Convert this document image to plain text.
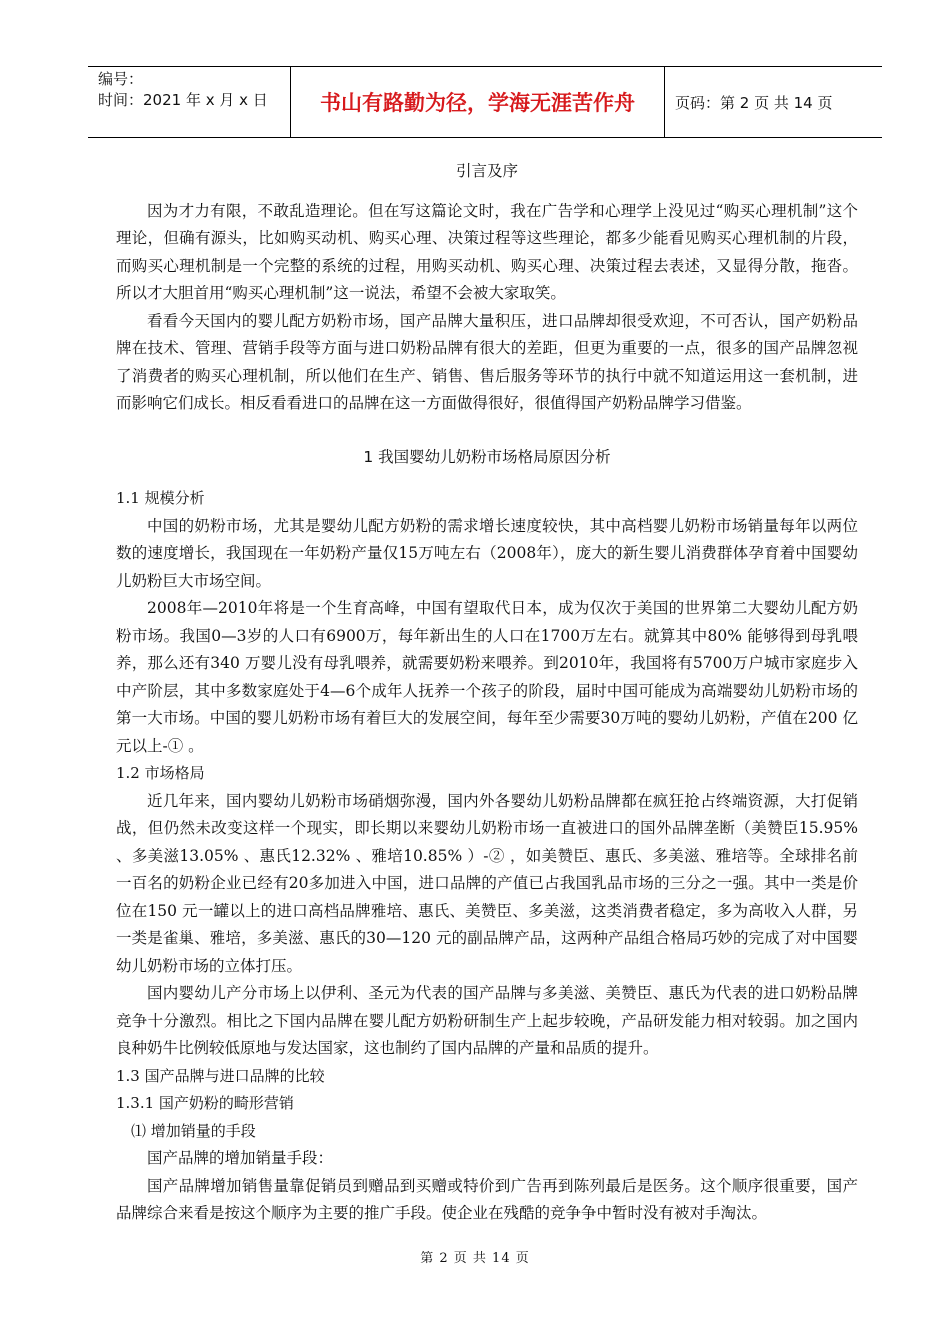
编号：
时间：2021 年 x 月 x 日	书山有路勤为径，学海无涯苦作舟	页码：第 2 页 共 14 页
引言及序

因为才力有限，不敢乱造理论。但在写这篇论文时，我在广告学和心理学上没见过“购买心理机制”这个理论，但确有源头，比如购买动机、购买心理、决策过程等这些理论，都多少能看见购买心理机制的片段，而购买心理机制是一个完整的系统的过程，用购买动机、购买心理、决策过程去表述，又显得分散，拖沓。所以才大胆首用“购买心理机制”这一说法，希望不会被大家取笑。

看看今天国内的婴儿配方奶粉市场，国产品牌大量积压，进口品牌却很受欢迎，不可否认，国产奶粉品牌在技术、管理、营销手段等方面与进口奶粉品牌有很大的差距，但更为重要的一点，很多的国产品牌忽视了消费者的购买心理机制，所以他们在生产、销售、售后服务等环节的执行中就不知道运用这一套机制，进而影响它们成长。相反看看进口的品牌在这一方面做得很好，很值得国产奶粉品牌学习借鉴。

1 我国婴幼儿奶粉市场格局原因分析
1.1 规模分析

中国的奶粉市场，尤其是婴幼儿配方奶粉的需求增长速度较快，其中高档婴儿奶粉市场销量每年以两位数的速度增长，我国现在一年奶粉产量仅15万吨左右（2008年），庞大的新生婴儿消费群体孕育着中国婴幼儿奶粉巨大市场空间。

2008年—2010年将是一个生育高峰，中国有望取代日本，成为仅次于美国的世界第二大婴幼儿配方奶粉市场。我国0—3岁的人口有6900万，每年新出生的人口在1700万左右。就算其中80% 能够得到母乳喂养，那么还有340 万婴儿没有母乳喂养，就需要奶粉来喂养。到2010年，我国将有5700万户城市家庭步入中产阶层，其中多数家庭处于4—6个成年人抚养一个孩子的阶段，届时中国可能成为高端婴幼儿奶粉市场的第一大市场。中国的婴儿奶粉市场有着巨大的发展空间，每年至少需要30万吨的婴幼儿奶粉，产值在200 亿元以上-① 。

1.2 市场格局

近几年来，国内婴幼儿奶粉市场硝烟弥漫，国内外各婴幼儿奶粉品牌都在疯狂抢占终端资源，大打促销战，但仍然未改变这样一个现实，即长期以来婴幼儿奶粉市场一直被进口的国外品牌垄断（美赞臣15.95% 、多美滋13.05% 、惠氏12.32% 、雅培10.85% ）-② ，如美赞臣、惠氏、多美滋、雅培等。全球排名前一百名的奶粉企业已经有20多加进入中国，进口品牌的产值已占我国乳品市场的三分之一强。其中一类是价位在150 元一罐以上的进口高档品牌雅培、惠氏、美赞臣、多美滋，这类消费者稳定，多为高收入人群，另一类是雀巢、雅培，多美滋、惠氏的30—120 元的副品牌产品，这两种产品组合格局巧妙的完成了对中国婴幼儿奶粉市场的立体打压。

国内婴幼儿产分市场上以伊利、圣元为代表的国产品牌与多美滋、美赞臣、惠氏为代表的进口奶粉品牌竞争十分激烈。相比之下国内品牌在婴儿配方奶粉研制生产上起步较晚，产品研发能力相对较弱。加之国内良种奶牛比例较低原地与发达国家，这也制约了国内品牌的产量和品质的提升。

1.3 国产品牌与进口品牌的比较
1.3.1 国产奶粉的畸形营销
⑴ 增加销量的手段

国产品牌的增加销量手段：

国产品牌增加销售量靠促销员到赠品到买赠或特价到广告再到陈列最后是医务。这个顺序很重要，国产品牌综合来看是按这个顺序为主要的推广手段。使企业在残酷的竞争争中暂时没有被对手淘汰。

第 2 页 共 14 页
